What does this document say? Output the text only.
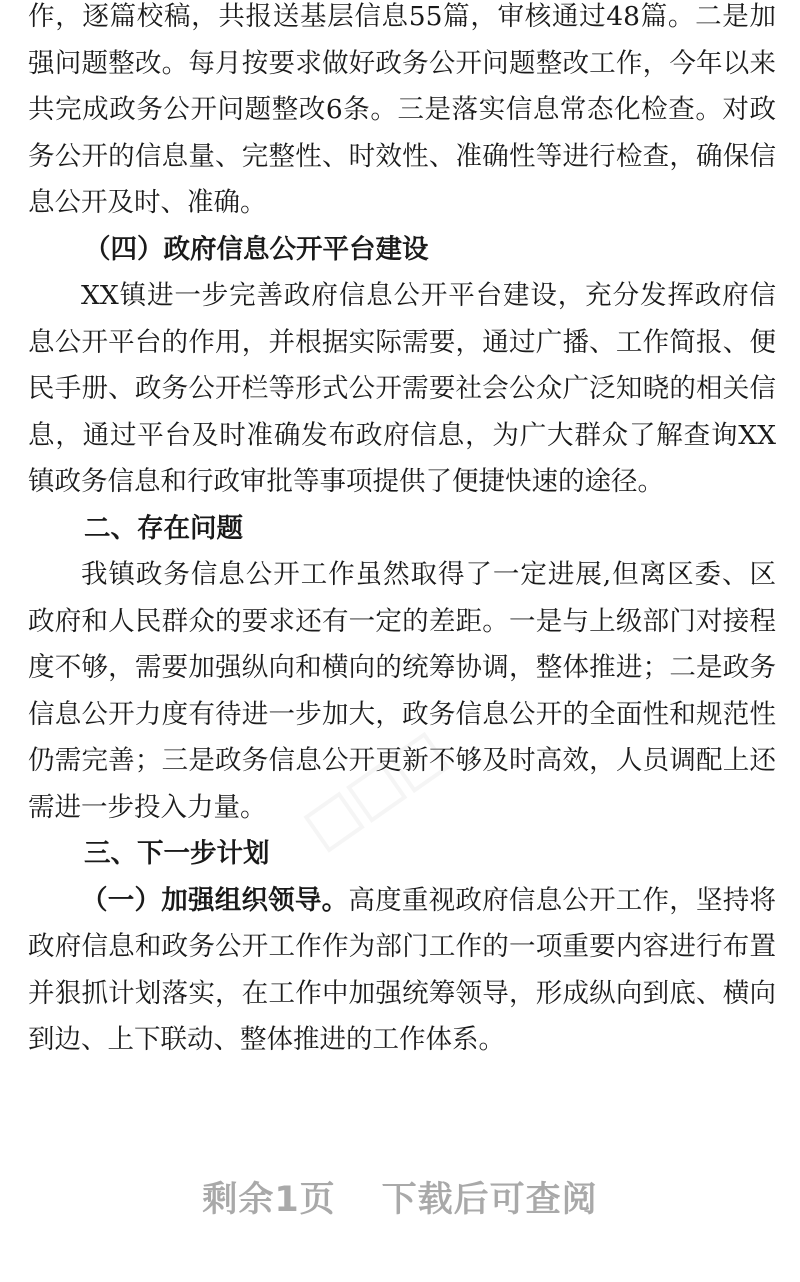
作，逐篇校稿，共报送基层信息55篇，审核通过48篇。二是加强问题整改。每月按要求做好政务公开问题整改工作，今年以来共完成政务公开问题整改6条。三是落实信息常态化检查。对政务公开的信息量、完整性、时效性、准确性等进行检查，确保信息公开及时、准确。

（四）政府信息公开平台建设

XX镇进一步完善政府信息公开平台建设，充分发挥政府信息公开平台的作用，并根据实际需要，通过广播、工作简报、便民手册、政务公开栏等形式公开需要社会公众广泛知晓的相关信息，通过平台及时准确发布政府信息，为广大群众了解查询XX镇政务信息和行政审批等事项提供了便捷快速的途径。

二、存在问题

我镇政务信息公开工作虽然取得了一定进展,但离区委、区政府和人民群众的要求还有一定的差距。一是与上级部门对接程度不够，需要加强纵向和横向的统筹协调，整体推进；二是政务信息公开力度有待进一步加大，政务信息公开的全面性和规范性仍需完善；三是政务信息公开更新不够及时高效，人员调配上还需进一步投入力量。

三、下一步计划

（一）加强组织领导。高度重视政府信息公开工作，坚持将政府信息和政务公开工作作为部门工作的一项重要内容进行布置并狠抓计划落实，在工作中加强统筹领导，形成纵向到底、横向到边、上下联动、整体推进的工作体系。

剩余1页 下载后可查阅
